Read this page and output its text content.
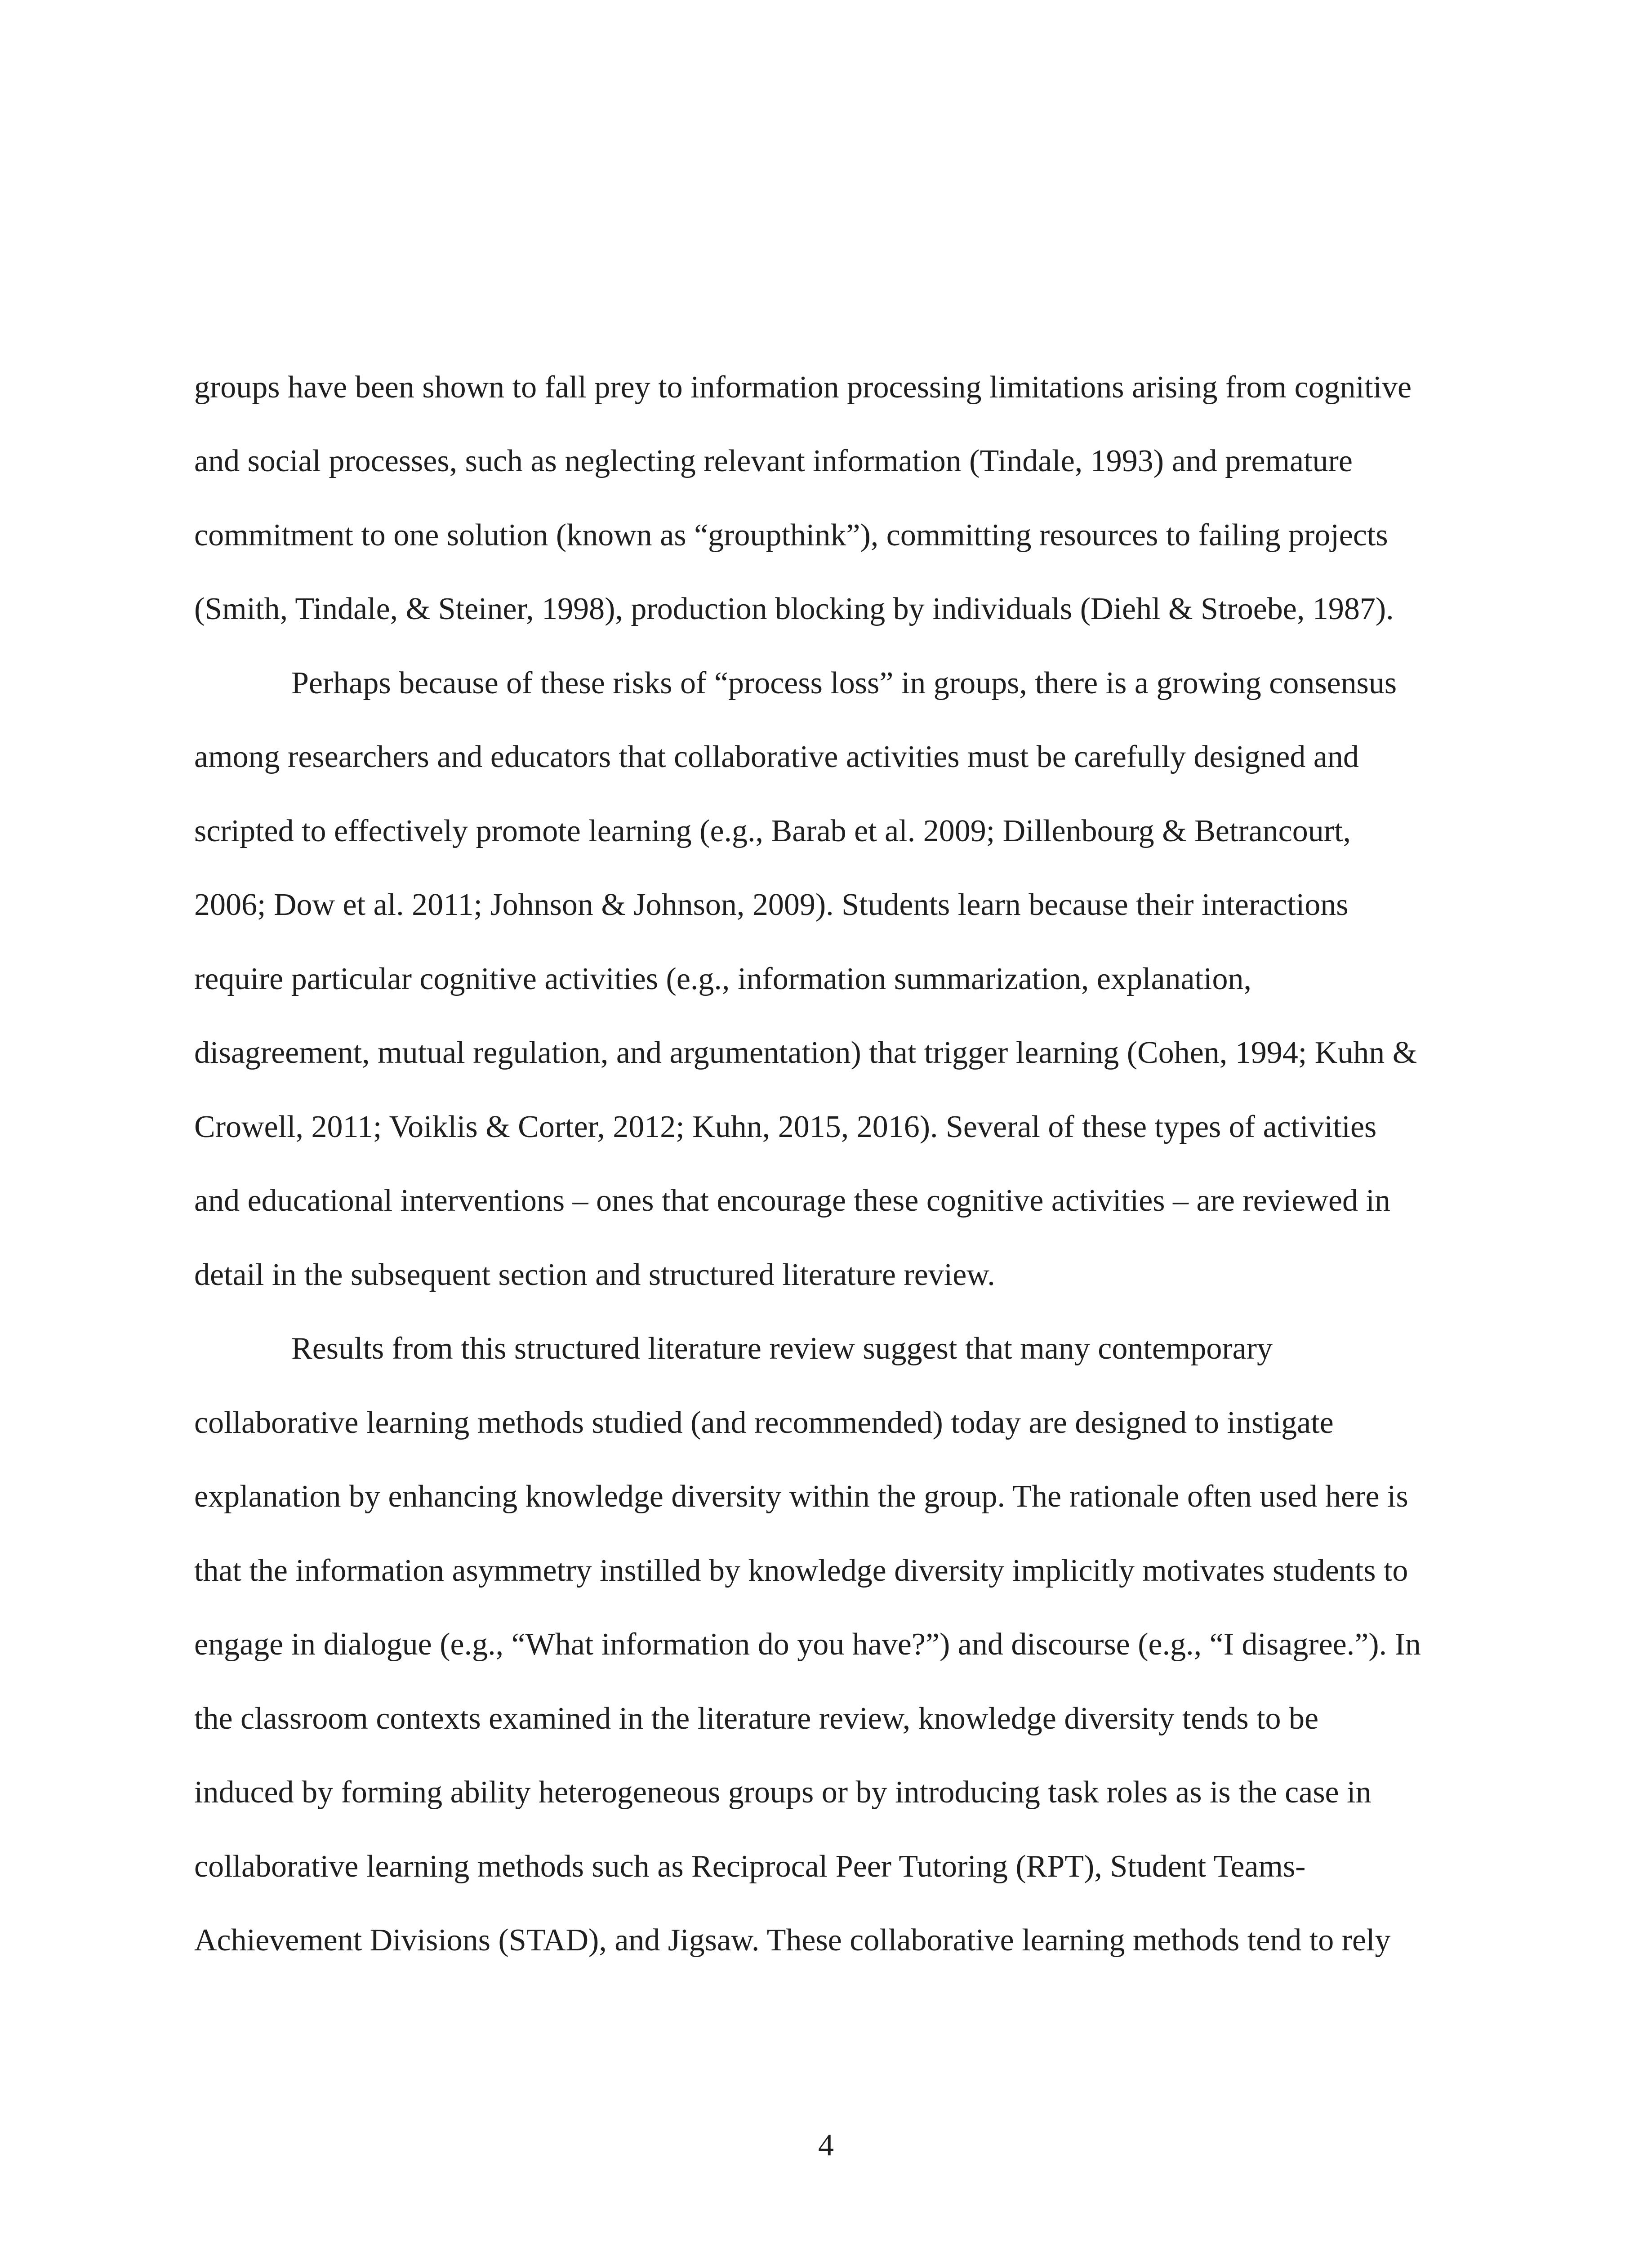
groups have been shown to fall prey to information processing limitations arising from cognitive
and social processes, such as neglecting relevant information (Tindale, 1993) and premature
commitment to one solution (known as “groupthink”), committing resources to failing projects
(Smith, Tindale, & Steiner, 1998), production blocking by individuals (Diehl & Stroebe, 1987).
Perhaps because of these risks of “process loss” in groups, there is a growing consensus
among researchers and educators that collaborative activities must be carefully designed and
scripted to effectively promote learning (e.g., Barab et al. 2009; Dillenbourg & Betrancourt,
2006; Dow et al. 2011; Johnson & Johnson, 2009). Students learn because their interactions
require particular cognitive activities (e.g., information summarization, explanation,
disagreement, mutual regulation, and argumentation) that trigger learning (Cohen, 1994; Kuhn &
Crowell, 2011; Voiklis & Corter, 2012; Kuhn, 2015, 2016). Several of these types of activities
and educational interventions – ones that encourage these cognitive activities – are reviewed in
detail in the subsequent section and structured literature review.
Results from this structured literature review suggest that many contemporary
collaborative learning methods studied (and recommended) today are designed to instigate
explanation by enhancing knowledge diversity within the group. The rationale often used here is
that the information asymmetry instilled by knowledge diversity implicitly motivates students to
engage in dialogue (e.g., “What information do you have?”) and discourse (e.g., “I disagree.”). In
the classroom contexts examined in the literature review, knowledge diversity tends to be
induced by forming ability heterogeneous groups or by introducing task roles as is the case in
collaborative learning methods such as Reciprocal Peer Tutoring (RPT), Student Teams-
Achievement Divisions (STAD), and Jigsaw. These collaborative learning methods tend to rely
4
